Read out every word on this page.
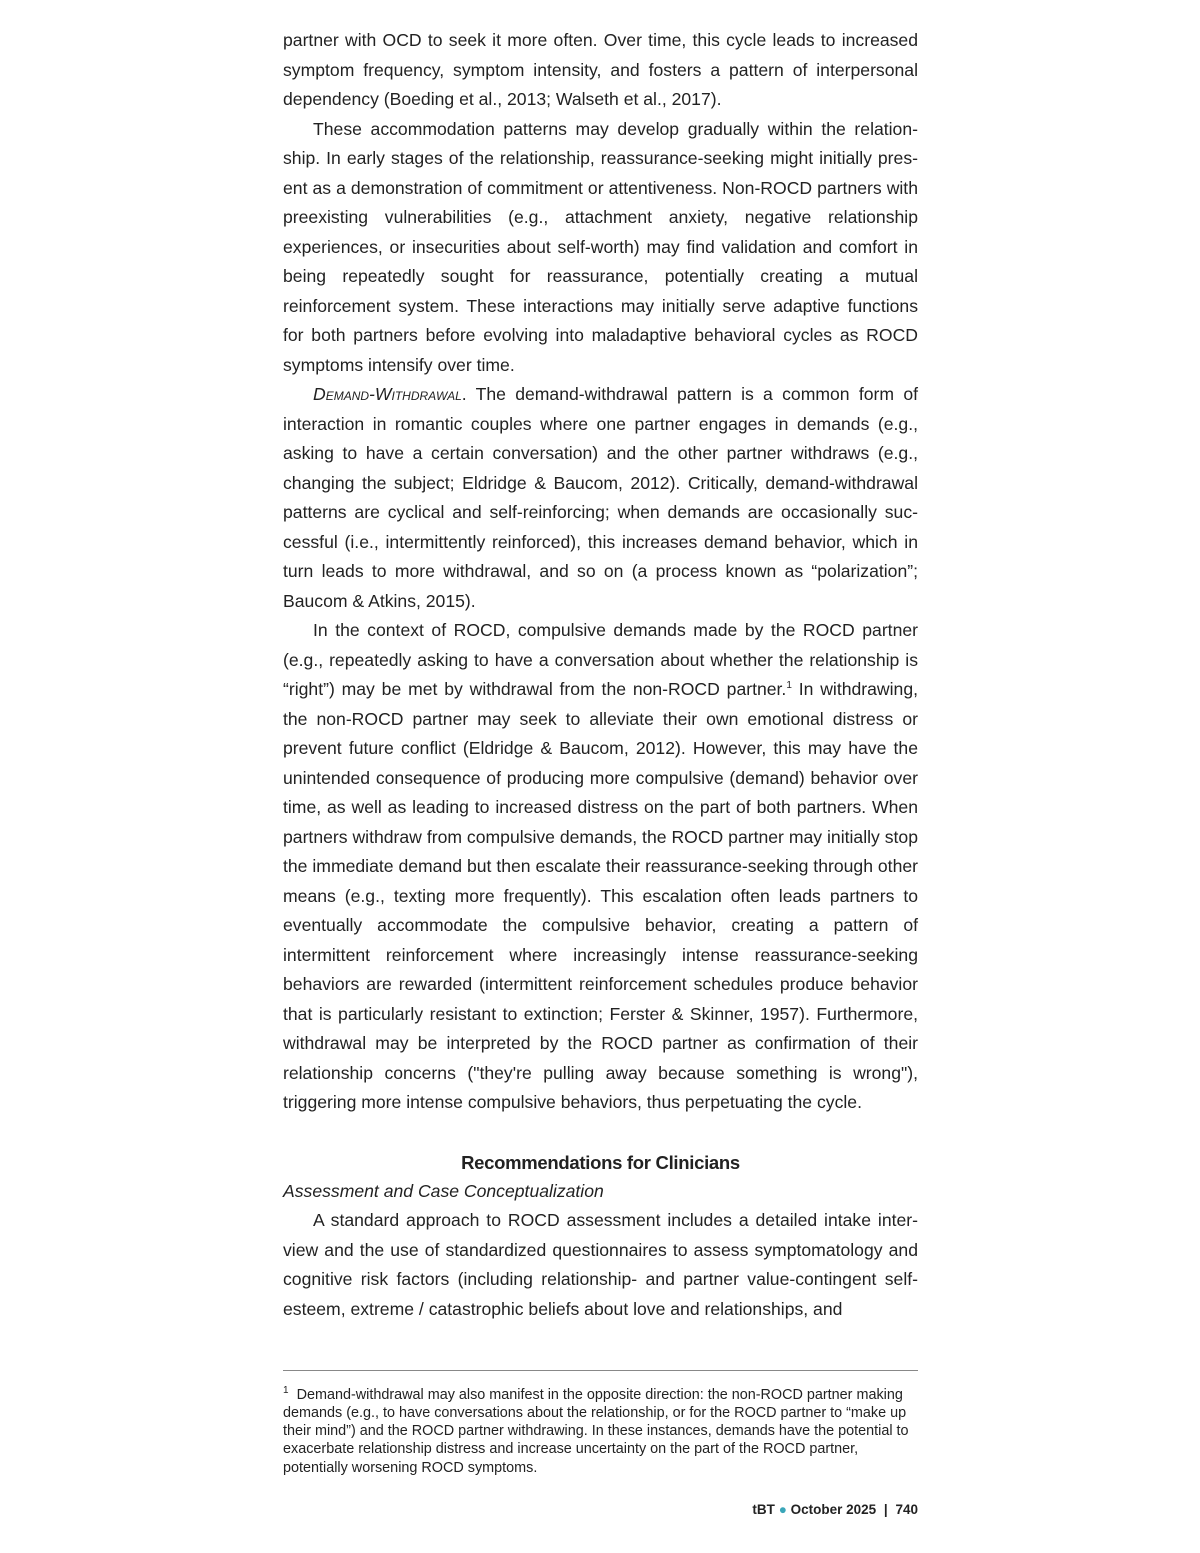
partner with OCD to seek it more often. Over time, this cycle leads to increased symptom frequency, symptom intensity, and fosters a pattern of interpersonal dependency (Boeding et al., 2013; Walseth et al., 2017).

These accommodation patterns may develop gradually within the relationship. In early stages of the relationship, reassurance-seeking might initially present as a demonstration of commitment or attentiveness. Non-ROCD partners with preexisting vulnerabilities (e.g., attachment anxiety, negative relationship experiences, or insecurities about self-worth) may find validation and comfort in being repeatedly sought for reassurance, potentially creating a mutual reinforcement system. These interactions may initially serve adaptive functions for both partners before evolving into maladaptive behavioral cycles as ROCD symptoms intensify over time.

Demand-Withdrawal. The demand-withdrawal pattern is a common form of interaction in romantic couples where one partner engages in demands (e.g., asking to have a certain conversation) and the other partner withdraws (e.g., changing the subject; Eldridge & Baucom, 2012). Critically, demand-withdrawal patterns are cyclical and self-reinforcing; when demands are occasionally successful (i.e., intermittently reinforced), this increases demand behavior, which in turn leads to more withdrawal, and so on (a process known as “polarization”; Baucom & Atkins, 2015).

In the context of ROCD, compulsive demands made by the ROCD partner (e.g., repeatedly asking to have a conversation about whether the relationship is “right”) may be met by withdrawal from the non-ROCD partner.$^1$ In withdrawing, the non-ROCD partner may seek to alleviate their own emotional distress or prevent future conflict (Eldridge & Baucom, 2012). However, this may have the unintended consequence of producing more compulsive (demand) behavior over time, as well as leading to increased distress on the part of both partners. When partners withdraw from compulsive demands, the ROCD partner may initially stop the immediate demand but then escalate their reassurance-seeking through other means (e.g., texting more frequently). This escalation often leads partners to eventually accommodate the compulsive behavior, creating a pattern of intermittent reinforcement where increasingly intense reassurance-seeking behaviors are rewarded (intermittent reinforcement schedules produce behavior that is particularly resistant to extinction; Ferster & Skinner, 1957). Furthermore, withdrawal may be interpreted by the ROCD partner as confirmation of their relationship concerns ("they're pulling away because something is wrong"), triggering more intense compulsive behaviors, thus perpetuating the cycle.

Recommendations for Clinicians
Assessment and Case Conceptualization

A standard approach to ROCD assessment includes a detailed intake interview and the use of standardized questionnaires to assess symptomatology and cognitive risk factors (including relationship- and partner value-contingent self-esteem, extreme / catastrophic beliefs about love and relationships, and

$^1$ Demand-withdrawal may also manifest in the opposite direction: the non-ROCD partner making demands (e.g., to have conversations about the relationship, or for the ROCD partner to “make up their mind”) and the ROCD partner withdrawing. In these instances, demands have the potential to exacerbate relationship distress and increase uncertainty on the part of the ROCD partner, potentially worsening ROCD symptoms.
tBT ● October 2025 | 740
